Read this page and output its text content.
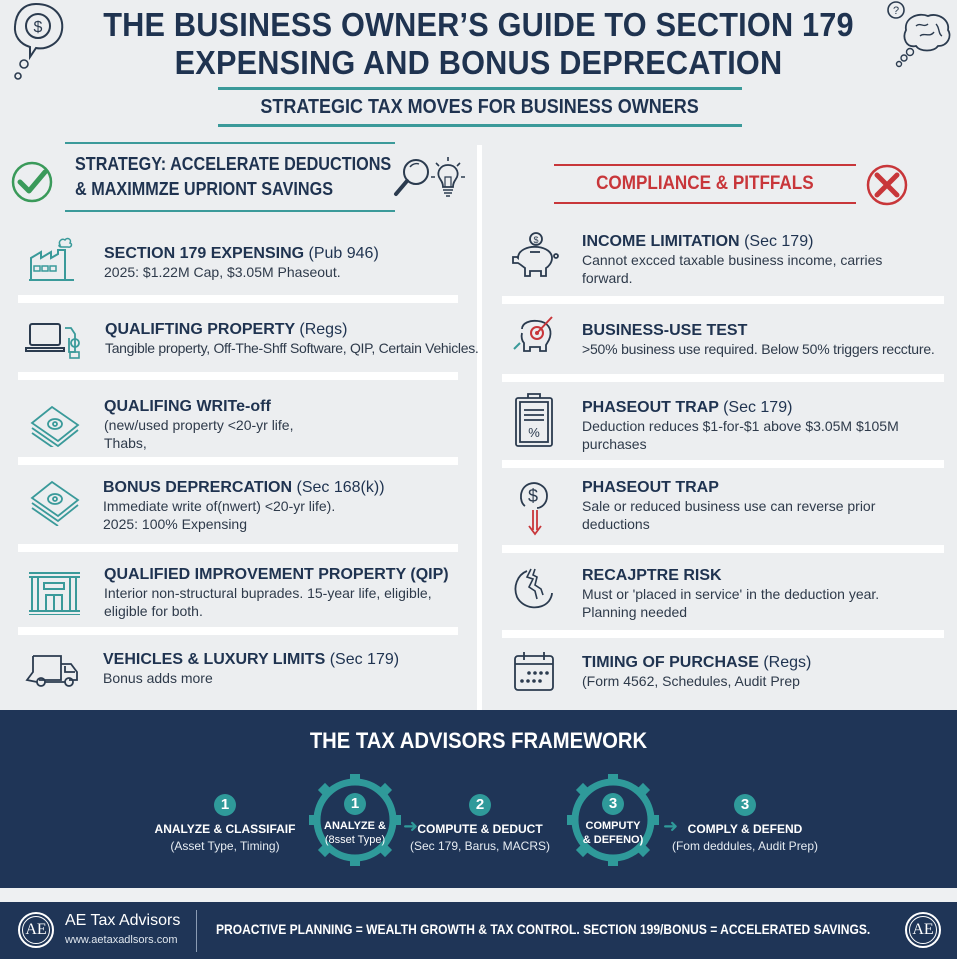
$
?
THE BUSINESS OWNER’S GUIDE TO SECTION 179
EXPENSING AND BONUS DEPRECATION
STRATEGIC TAX MOVES FOR BUSINESS OWNERS
STRATEGY: ACCELERATE DEDUCTIONS
& MAXIMMZE UPRIONT SAVINGS	COMPLIANCE & PITFFALS
SECTION 179 EXPENSING (Pub 946)
2025: $1.22M Cap, $3.05M Phaseout.
QUALIFTING PROPERTY (Regs)
Tangible property, Off-The-Shff Software, QIP, Certain Vehicles.
QUALIFING WRITe-off
(new/used property <20-yr life,
Thabs,
BONUS DEPRERCATION (Sec 168(k))
Immediate write of(nwert) <20-yr life).
2025: 100% Expensing
QUALIFIED IMPROVEMENT PROPERTY (QIP)
Interior non-structural buprades. 15-year life, eligible,
eligible for both.
VEHICLES & LUXURY LIMITS (Sec 179)
Bonus adds more
$	INCOME LIMITATION (Sec 179)
Cannot excced taxable business income, carries
forward.
BUSINESS-USE TEST
>50% business use required. Below 50% triggers reccture.
%
PHASEOUT TRAP (Sec 179)
Deduction reduces $1-for-$1 above $3.05M $105M
purchases
$	PHASEOUT TRAP
Sale or reduced business use can reverse prior
deductions
RECAJPTRE RISK
Must or 'placed in service' in the deduction year.
Planning needed
TIMING OF PURCHASE (Regs)
(Form 4562, Schedules, Audit Prep
THE TAX ADVISORS FRAMEWORK
1
ANALYZE & CLASSIFAIF
(Asset Type, Timing)
1
ANALYZE &
(8sset Type)
➜
2
COMPUTE & DEDUCT
(Sec 179, Barus, MACRS)
3
COMPUTY
& DEFENO)
➜
3
COMPLY & DEFEND
(Fom deddules, Audit Prep)
AE
AE Tax Advisors
www.aetaxadlsors.com
PROACTIVE PLANNING = WEALTH GROWTH & TAX CONTROL. SECTION 199/BONUS = ACCELERATED SAVINGS.	AE
